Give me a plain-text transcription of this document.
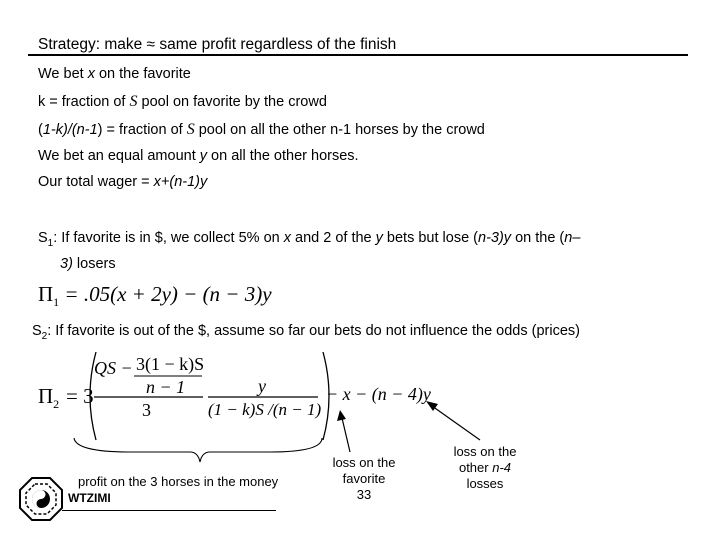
Strategy: make ≈ same profit regardless of the finish
We bet x on the favorite
k = fraction of S pool on favorite by the crowd
(1-k)/(n-1) = fraction of S pool on all the other n-1 horses by the crowd
We bet an equal amount y on all the other horses.
Our total wager = x+(n-1)y
$S_1$: If favorite is in $, we collect 5% on x and 2 of the y bets but lose (n-3)y on the (n–
3) losers
$\Pi_1 = .05(x + 2y) - (n - 3)y$
$S_2$: If favorite is out of the $, assume so far our bets do not influence the odds (prices)
$\Pi_2 = 3$
QS − 3(1 − k)S
n − 1
3
y
(1 − k)S /(n − 1)
− x − (n − 4)y
profit on the 3 horses in the money
loss on the
favorite
33
loss on the
other n-4
losses
WTZIMI
